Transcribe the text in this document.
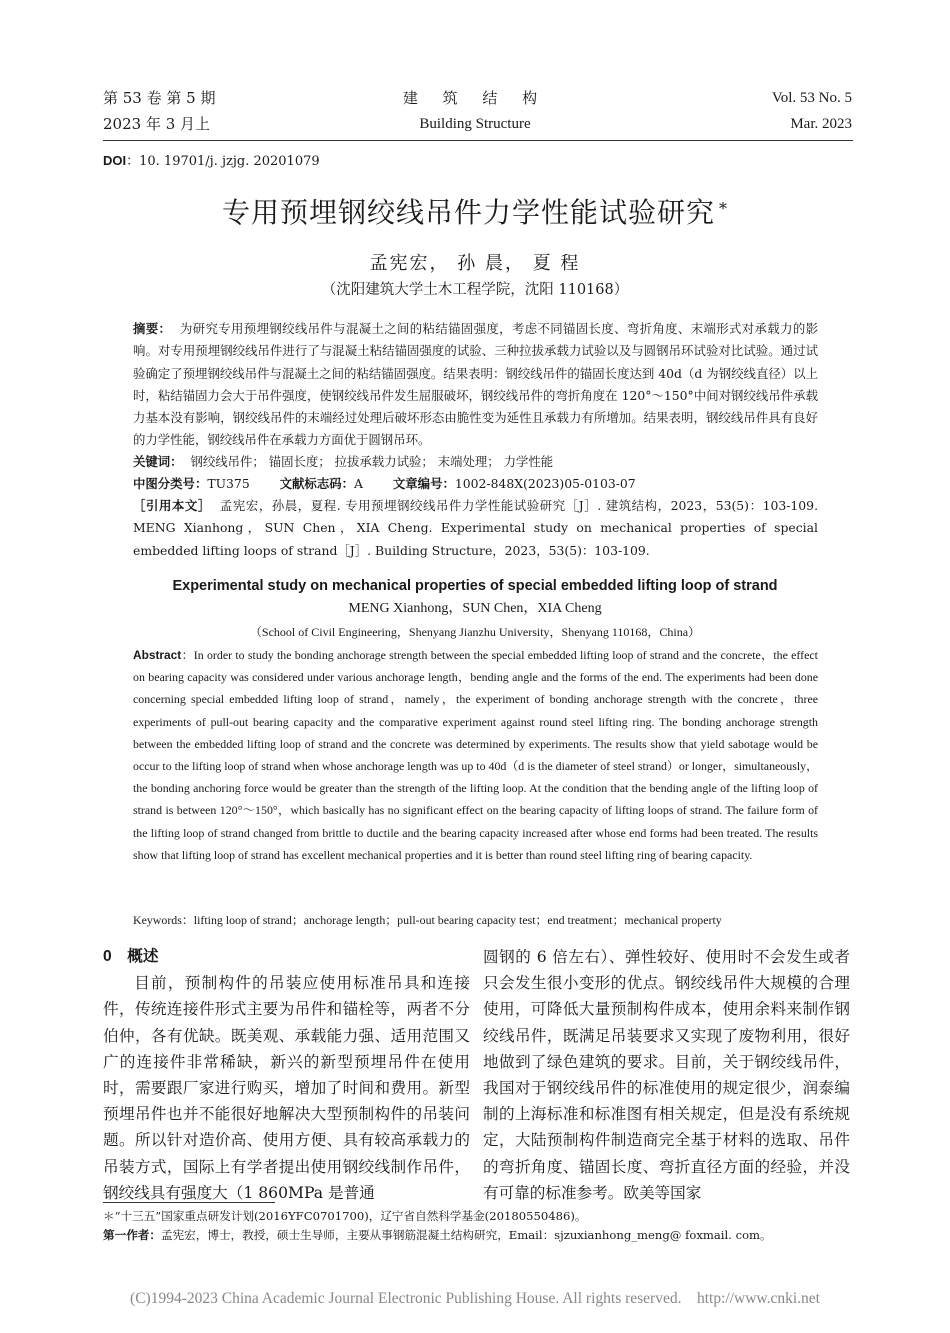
第 53 卷 第 5 期
2023 年 3 月上
建 筑 结 构
Building Structure
Vol. 53 No. 5
Mar. 2023
DOI：10. 19701/j. jzjg. 20201079
专用预埋钢绞线吊件力学性能试验研究 *
孟宪宏， 孙 晨， 夏 程
（沈阳建筑大学土木工程学院，沈阳 110168）
摘要： 为研究专用预埋钢绞线吊件与混凝土之间的粘结锚固强度，考虑不同锚固长度、弯折角度、末端形式对承载力的影响。对专用预埋钢绞线吊件进行了与混凝土粘结锚固强度的试验、三种拉拔承载力试验以及与圆钢吊环试验对比试验。通过试验确定了预埋钢绞线吊件与混凝土之间的粘结锚固强度。结果表明：钢绞线吊件的锚固长度达到 40d（d 为钢绞线直径）以上时，粘结锚固力会大于吊件强度，使钢绞线吊件发生屈服破坏，钢绞线吊件的弯折角度在 120°～150°中间对钢绞线吊件承载力基本没有影响，钢绞线吊件的末端经过处理后破坏形态由脆性变为延性且承载力有所增加。结果表明，钢绞线吊件具有良好的力学性能，钢绞线吊件在承载力方面优于圆钢吊环。
关键词： 钢绞线吊件； 锚固长度； 拉拔承载力试验； 末端处理； 力学性能
中图分类号：TU375 文献标志码：A 文章编号：1002-848X(2023)05-0103-07
［引用本文］ 孟宪宏，孙晨，夏程. 专用预埋钢绞线吊件力学性能试验研究［J］. 建筑结构，2023，53(5)：103-109. MENG Xianhong，SUN Chen，XIA Cheng. Experimental study on mechanical properties of special embedded lifting loops of strand［J］. Building Structure，2023，53(5)：103-109.
Experimental study on mechanical properties of special embedded lifting loop of strand
MENG Xianhong，SUN Chen，XIA Cheng
（School of Civil Engineering，Shenyang Jianzhu University，Shenyang 110168，China）
Abstract：In order to study the bonding anchorage strength between the special embedded lifting loop of strand and the concrete，the effect on bearing capacity was considered under various anchorage length，bending angle and the forms of the end. The experiments had been done concerning special embedded lifting loop of strand，namely，the experiment of bonding anchorage strength with the concrete，three experiments of pull-out bearing capacity and the comparative experiment against round steel lifting ring. The bonding anchorage strength between the embedded lifting loop of strand and the concrete was determined by experiments. The results show that yield sabotage would be occur to the lifting loop of strand when whose anchorage length was up to 40d（d is the diameter of steel strand）or longer，simultaneously，the bonding anchoring force would be greater than the strength of the lifting loop. At the condition that the bending angle of the lifting loop of strand is between 120°～150°，which basically has no significant effect on the bearing capacity of lifting loops of strand. The failure form of the lifting loop of strand changed from brittle to ductile and the bearing capacity increased after whose end forms had been treated. The results show that lifting loop of strand has excellent mechanical properties and it is better than round steel lifting ring of bearing capacity.
Keywords：lifting loop of strand；anchorage length；pull-out bearing capacity test；end treatment；mechanical property
0　概述
目前，预制构件的吊装应使用标准吊具和连接件，传统连接件形式主要为吊件和锚栓等，两者不分伯仲，各有优缺。既美观、承载能力强、适用范围又广的连接件非常稀缺，新兴的新型预埋吊件在使用时，需要跟厂家进行购买，增加了时间和费用。新型预埋吊件也并不能很好地解决大型预制构件的吊装问题。所以针对造价高、使用方便、具有较高承载力的吊装方式，国际上有学者提出使用钢绞线制作吊件，钢绞线具有强度大（1 860MPa 是普通
圆钢的 6 倍左右）、弹性较好、使用时不会发生或者只会发生很小变形的优点。钢绞线吊件大规模的合理使用，可降低大量预制构件成本，使用余料来制作钢绞线吊件，既满足吊装要求又实现了废物利用，很好地做到了绿色建筑的要求。目前，关于钢绞线吊件，我国对于钢绞线吊件的标准使用的规定很少，润泰编制的上海标准和标准图有相关规定，但是没有系统规定，大陆预制构件制造商完全基于材料的选取、吊件的弯折角度、锚固长度、弯折直径方面的经验，并没有可靠的标准参考。欧美等国家
＊“十三五”国家重点研发计划(2016YFC0701700)，辽宁省自然科学基金(20180550486)。
第一作者：孟宪宏，博士，教授，硕士生导师，主要从事钢筋混凝土结构研究，Email：sjzuxianhong_meng@ foxmail. com。
(C)1994-2023 China Academic Journal Electronic Publishing House. All rights reserved.    http://www.cnki.net
